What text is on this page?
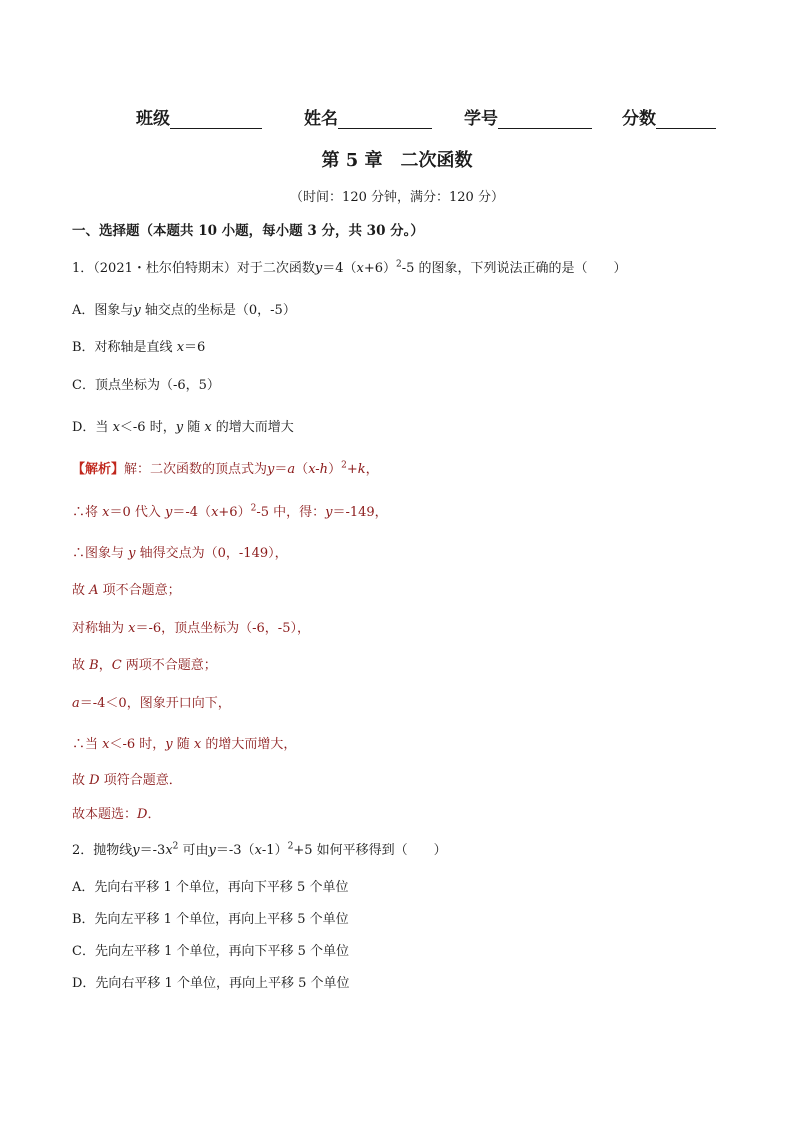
班级	姓名	学号	分数
第 5 章　二次函数
（时间：120 分钟，满分：120 分）
一、选择题（本题共 10 小题，每小题 3 分，共 30 分。）
1．（2021・杜尔伯特期末）对于二次函数$y=4(x+6)^2-5$ 的图象，下列说法正确的是（　　）
A．图象与y 轴交点的坐标是（0，-5）
B．对称轴是直线 x＝6
C．顶点坐标为（-6，5）
D．当 x＜-6 时，y 随 x 的增大而增大
【解析】解：二次函数的顶点式为$y=a(x-h)^2+k$，
∴将 x＝0 代入 $y=-4(x+6)^2-5$ 中，得：y＝-149，
∴图象与 y 轴得交点为（0，-149），
故 A 项不合题意；
对称轴为 x＝-6，顶点坐标为（-6，-5），
故 B，C 两项不合题意；
a＝-4＜0，图象开口向下，
∴当 x＜-6 时，y 随 x 的增大而增大，
故 D 项符合题意．
故本题选：D．
2．抛物线$y=-3x^2$ 可由$y=-3(x-1)^2+5$ 如何平移得到（　　）
A．先向右平移 1 个单位，再向下平移 5 个单位
B．先向左平移 1 个单位，再向上平移 5 个单位
C．先向左平移 1 个单位，再向下平移 5 个单位
D．先向右平移 1 个单位，再向上平移 5 个单位
